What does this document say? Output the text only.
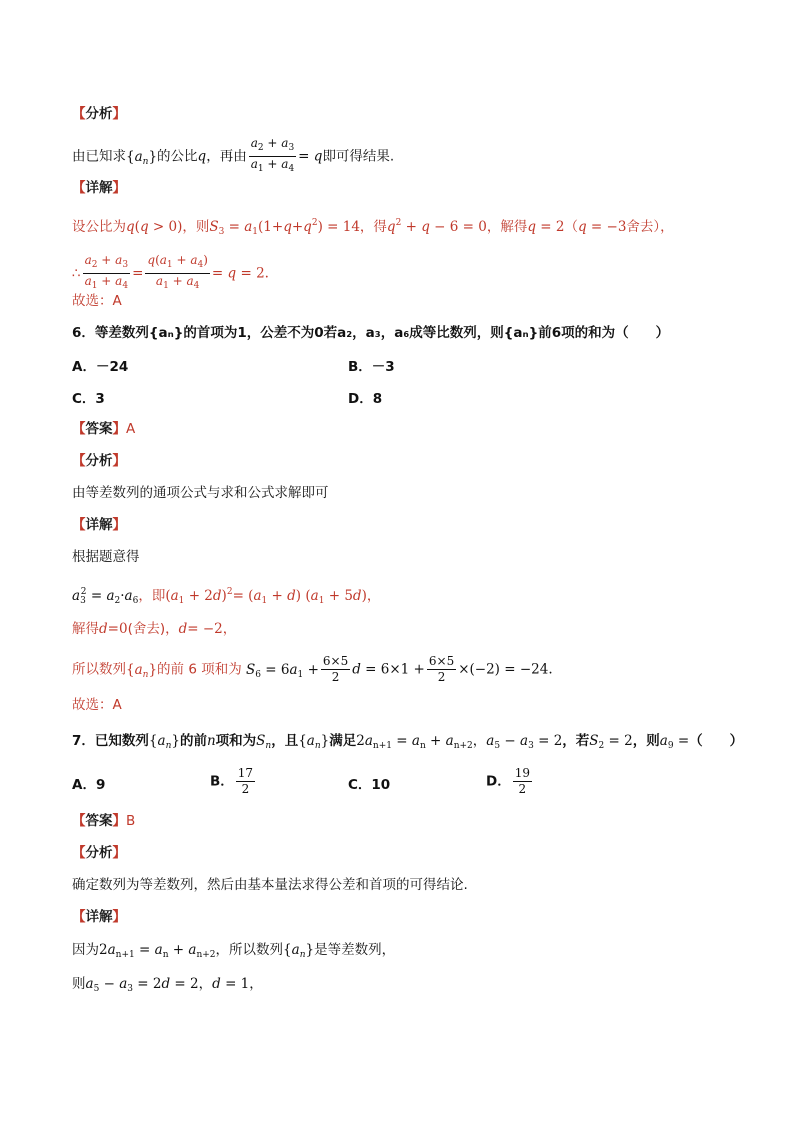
【分析】
由已知求$\{a_n\}$的公比q，再由 $\frac{a_2 + a_3}{a_1 + a_4} = q$即可得结果.
【详解】
设公比为q(q > 0)，则$S_3 = a_1(1+q+q^2) = 14$，得$q^2 + q - 6 = 0$，解得q = 2（q = −3舍去），
∴ $\frac{a_2 + a_3}{a_1 + a_4} = \frac{q(a_1 + a_4)}{a_1 + a_4} = q = 2$.
故选：A
6．等差数列{aₙ}的首项为1，公差不为0若a₂，a₃，a₆成等比数列，则{aₙ}前6项的和为（　　）
A．－24	B．－3
C．3	D．8
【答案】A
【分析】
由等差数列的通项公式与求和公式求解即可
【详解】
根据题意得
$a_3^2 = a_2\cdot a_6$，即$(a_1 + 2d)^2= (a_1 + d) (a_1 + 5d)$，
解得d=0(舍去)，d= −2，
所以数列$\{a_n\}$的前 6 项和为 $S_6 = 6a_1 + \frac{6\times 5}{2}$ $d = 6\times 1 + \frac{6\times 5}{2} \times(-2) = -24$.
故选：A
7．已知数列$\{a_n\}$的前n项和为$S_n$，且$\{a_n\}$满足$2a_{n+1} = a_n + a_{n+2}$，$a_5 - a_3 = 2$，若$S_2 = 2$，则$a_9$ =（　　）
A．9	B． $\frac{17}{2}$	C．10	D． $\frac{19}{2}$
【答案】B
【分析】
确定数列为等差数列，然后由基本量法求得公差和首项的可得结论.
【详解】
因为$2a_{n+1} = a_n + a_{n+2}$，所以数列$\{a_n\}$是等差数列，
则$a_5 - a_3 = 2d = 2$，d = 1，
